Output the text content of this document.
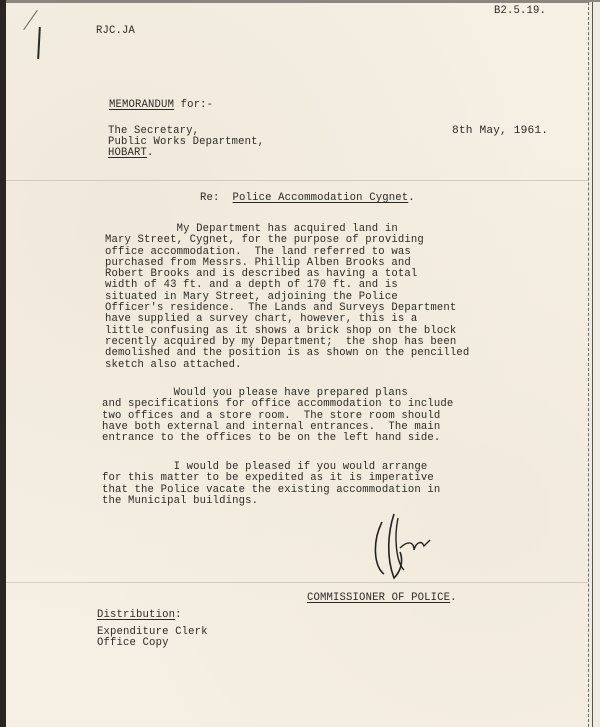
RJC.JA
B2.5.19.
MEMORANDUM for:-
The Secretary,
Public Works Department,
HOBART.
8th May, 1961.
Re: Police Accommodation Cygnet.
My Department has acquired land in
Mary Street, Cygnet, for the purpose of providing
office accommodation.  The land referred to was
purchased from Messrs. Phillip Alben Brooks and
Robert Brooks and is described as having a total
width of 43 ft. and a depth of 170 ft. and is
situated in Mary Street, adjoining the Police
Officer's residence.  The Lands and Surveys Department
have supplied a survey chart, however, this is a
little confusing as it shows a brick shop on the block
recently acquired by my Department;  the shop has been
demolished and the position is as shown on the pencilled
sketch also attached.
Would you please have prepared plans
and specifications for office accommodation to include
two offices and a store room.  The store room should
have both external and internal entrances.  The main
entrance to the offices to be on the left hand side.
I would be pleased if you would arrange
for this matter to be expedited as it is imperative
that the Police vacate the existing accommodation in
the Municipal buildings.
COMMISSIONER OF POLICE.
Distribution:
Expenditure Clerk
Office Copy
